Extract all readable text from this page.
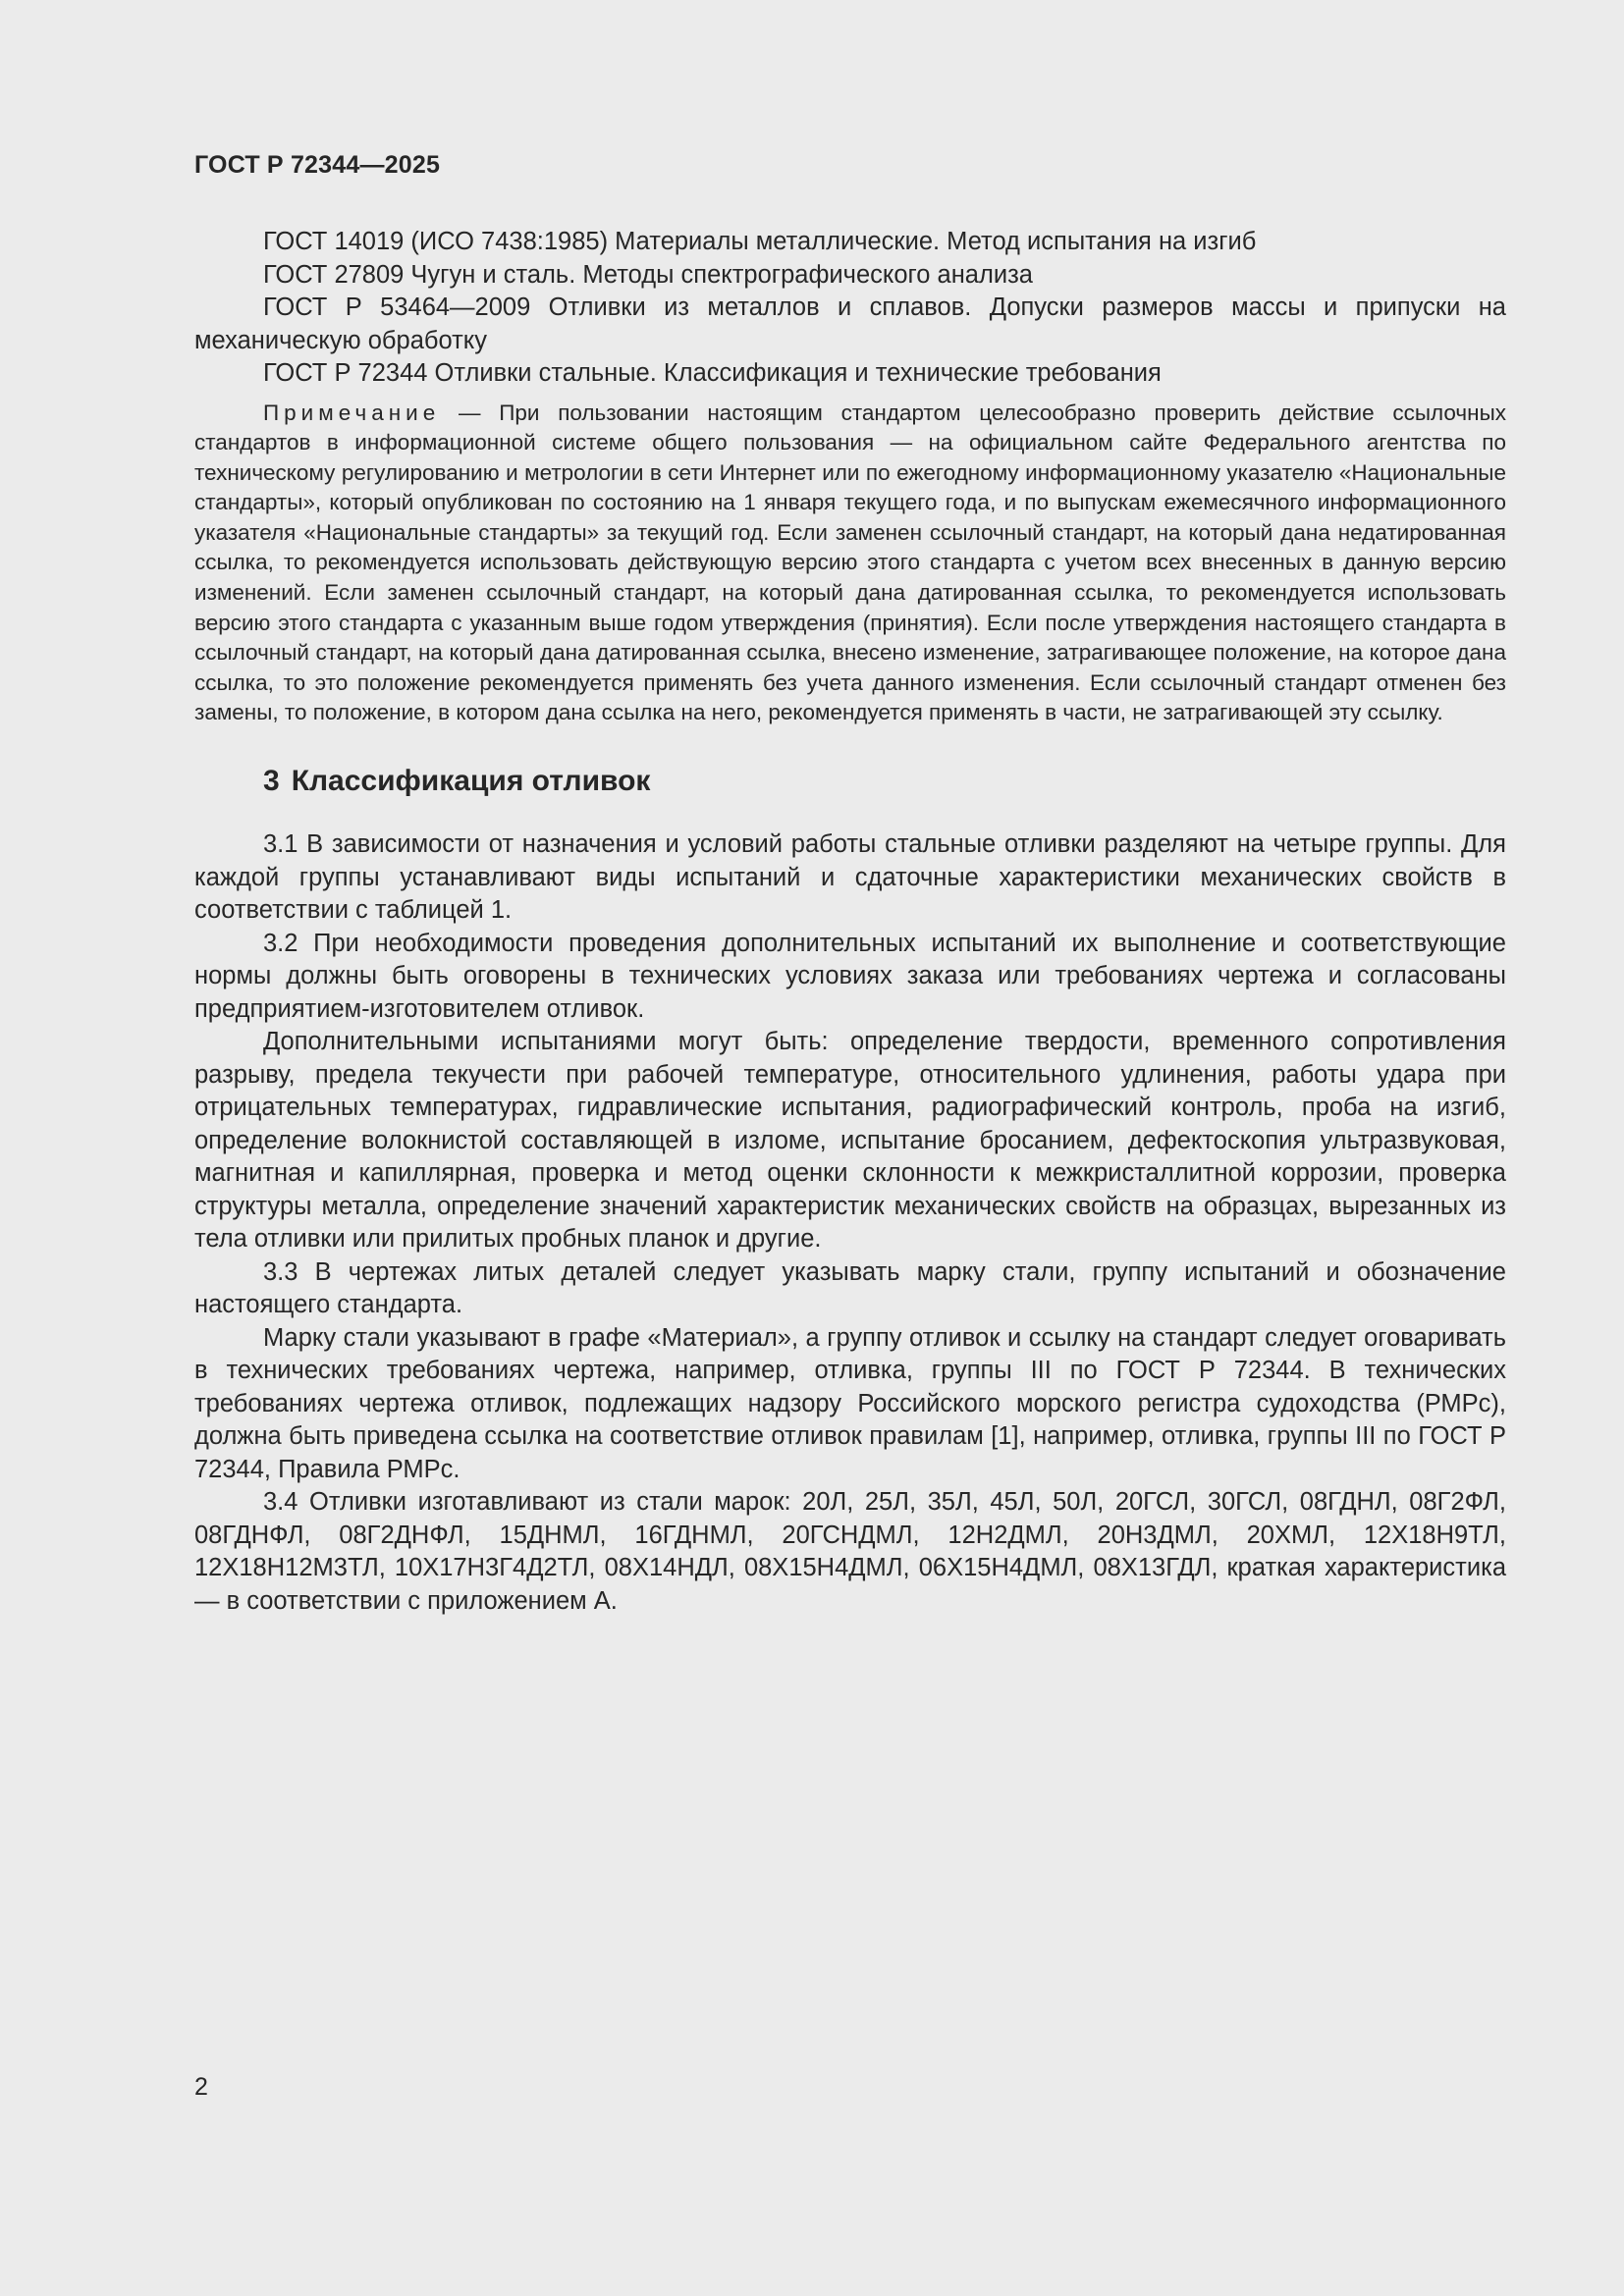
ГОСТ Р 72344—2025

ГОСТ 14019 (ИСО 7438:1985) Материалы металлические. Метод испытания на изгиб

ГОСТ 27809 Чугун и сталь. Методы спектрографического анализа

ГОСТ Р 53464—2009 Отливки из металлов и сплавов. Допуски размеров массы и припуски на механическую обработку

ГОСТ Р 72344 Отливки стальные. Классификация и технические требования

Примечание — При пользовании настоящим стандартом целесообразно проверить действие ссылочных стандартов в информационной системе общего пользования — на официальном сайте Федерального агентства по техническому регулированию и метрологии в сети Интернет или по ежегодному информационному указателю «Национальные стандарты», который опубликован по состоянию на 1 января текущего года, и по выпускам ежемесячного информационного указателя «Национальные стандарты» за текущий год. Если заменен ссылочный стандарт, на который дана недатированная ссылка, то рекомендуется использовать действующую версию этого стандарта с учетом всех внесенных в данную версию изменений. Если заменен ссылочный стандарт, на который дана датированная ссылка, то рекомендуется использовать версию этого стандарта с указанным выше годом утверждения (принятия). Если после утверждения настоящего стандарта в ссылочный стандарт, на который дана датированная ссылка, внесено изменение, затрагивающее положение, на которое дана ссылка, то это положение рекомендуется применять без учета данного изменения. Если ссылочный стандарт отменен без замены, то положение, в котором дана ссылка на него, рекомендуется применять в части, не затрагивающей эту ссылку.

3 Классификация отливок

3.1 В зависимости от назначения и условий работы стальные отливки разделяют на четыре группы. Для каждой группы устанавливают виды испытаний и сдаточные характеристики механических свойств в соответствии с таблицей 1.

3.2 При необходимости проведения дополнительных испытаний их выполнение и соответствующие нормы должны быть оговорены в технических условиях заказа или требованиях чертежа и согласованы предприятием-изготовителем отливок.

Дополнительными испытаниями могут быть: определение твердости, временного сопротивления разрыву, предела текучести при рабочей температуре, относительного удлинения, работы удара при отрицательных температурах, гидравлические испытания, радиографический контроль, проба на изгиб, определение волокнистой составляющей в изломе, испытание бросанием, дефектоскопия ультразвуковая, магнитная и капиллярная, проверка и метод оценки склонности к межкристаллитной коррозии, проверка структуры металла, определение значений характеристик механических свойств на образцах, вырезанных из тела отливки или прилитых пробных планок и другие.

3.3 В чертежах литых деталей следует указывать марку стали, группу испытаний и обозначение настоящего стандарта.

Марку стали указывают в графе «Материал», а группу отливок и ссылку на стандарт следует оговаривать в технических требованиях чертежа, например, отливка, группы III по ГОСТ Р 72344. В технических требованиях чертежа отливок, подлежащих надзору Российского морского регистра судоходства (РМРс), должна быть приведена ссылка на соответствие отливок правилам [1], например, отливка, группы III по ГОСТ Р 72344, Правила РМРс.

3.4 Отливки изготавливают из стали марок: 20Л, 25Л, 35Л, 45Л, 50Л, 20ГСЛ, 30ГСЛ, 08ГДНЛ, 08Г2ФЛ, 08ГДНФЛ, 08Г2ДНФЛ, 15ДНМЛ, 16ГДНМЛ, 20ГСНДМЛ, 12Н2ДМЛ, 20Н3ДМЛ, 20ХМЛ, 12Х18Н9ТЛ, 12Х18Н12М3ТЛ, 10Х17Н3Г4Д2ТЛ, 08Х14НДЛ, 08Х15Н4ДМЛ, 06Х15Н4ДМЛ, 08Х13ГДЛ, краткая характеристика — в соответствии с приложением А.

2
